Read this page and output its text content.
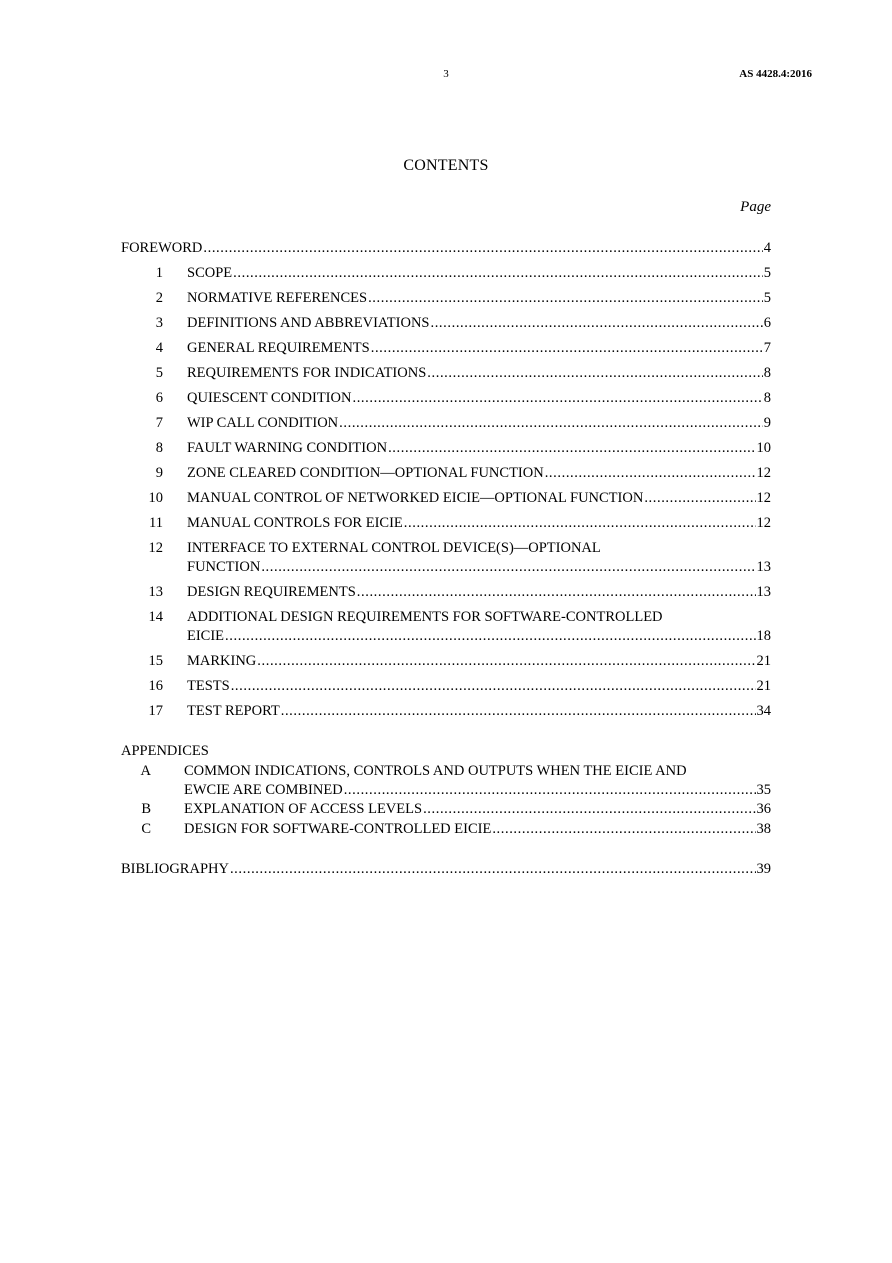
3	AS 4428.4:2016
CONTENTS
Page
FOREWORD .....	4
1 SCOPE .....	5
2 NORMATIVE REFERENCES .....	5
3 DEFINITIONS AND ABBREVIATIONS .....	6
4 GENERAL REQUIREMENTS .....	7
5 REQUIREMENTS FOR INDICATIONS .....	8
6 QUIESCENT CONDITION .....	8
7 WIP CALL CONDITION .....	9
8 FAULT WARNING CONDITION .....	10
9 ZONE CLEARED CONDITION—OPTIONAL FUNCTION .....	12
10 MANUAL CONTROL OF NETWORKED EICIE—OPTIONAL FUNCTION .....	12
11 MANUAL CONTROLS FOR EICIE .....	12
12 INTERFACE TO EXTERNAL CONTROL DEVICE(S)—OPTIONAL
FUNCTION .....	13
13 DESIGN REQUIREMENTS .....	13
14 ADDITIONAL DESIGN REQUIREMENTS FOR SOFTWARE-CONTROLLED
EICIE .....	18
15 MARKING .....	21
16 TESTS .....	21
17 TEST REPORT .....	34
APPENDICES
A COMMON INDICATIONS, CONTROLS AND OUTPUTS WHEN THE EICIE AND
EWCIE ARE COMBINED .....	35
B EXPLANATION OF ACCESS LEVELS .....	36
C DESIGN FOR SOFTWARE-CONTROLLED EICIE .....	38
BIBLIOGRAPHY .....	39
